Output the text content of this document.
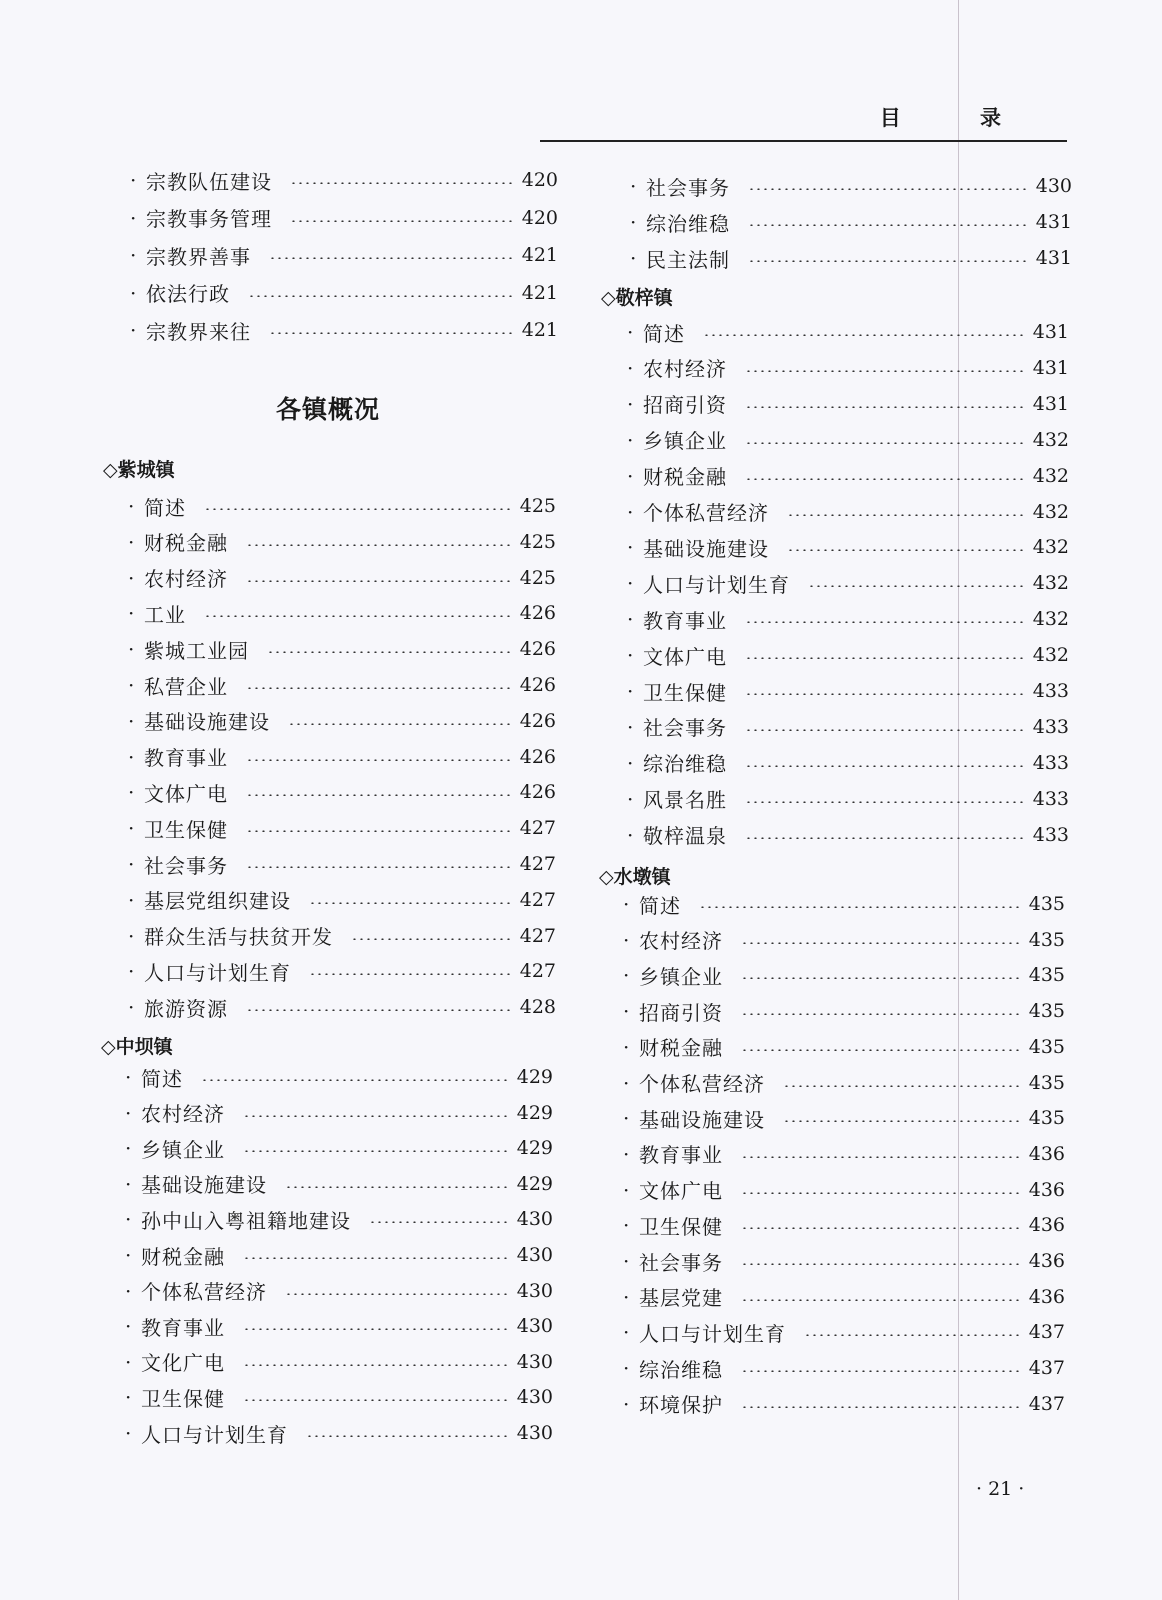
目 录
· 宗教队伍建设	420
· 宗教事务管理	420
· 宗教界善事	421
· 依法行政	421
· 宗教界来往	421
◇紫城镇
· 简述	425
· 财税金融	425
· 农村经济	425
· 工业	426
· 紫城工业园	426
· 私营企业	426
· 基础设施建设	426
· 教育事业	426
· 文体广电	426
· 卫生保健	427
· 社会事务	427
· 基层党组织建设	427
· 群众生活与扶贫开发	427
· 人口与计划生育	427
· 旅游资源	428
◇中坝镇
· 简述	429
· 农村经济	429
· 乡镇企业	429
· 基础设施建设	429
· 孙中山入粤祖籍地建设	430
· 财税金融	430
· 个体私营经济	430
· 教育事业	430
· 文化广电	430
· 卫生保健	430
· 人口与计划生育	430
各镇概况
· 社会事务	430
· 综治维稳	431
· 民主法制	431
◇敬梓镇
· 简述	431
· 农村经济	431
· 招商引资	431
· 乡镇企业	432
· 财税金融	432
· 个体私营经济	432
· 基础设施建设	432
· 人口与计划生育	432
· 教育事业	432
· 文体广电	432
· 卫生保健	433
· 社会事务	433
· 综治维稳	433
· 风景名胜	433
· 敬梓温泉	433
◇水墩镇
· 简述	435
· 农村经济	435
· 乡镇企业	435
· 招商引资	435
· 财税金融	435
· 个体私营经济	435
· 基础设施建设	435
· 教育事业	436
· 文体广电	436
· 卫生保健	436
· 社会事务	436
· 基层党建	436
· 人口与计划生育	437
· 综治维稳	437
· 环境保护	437
· 21 ·
